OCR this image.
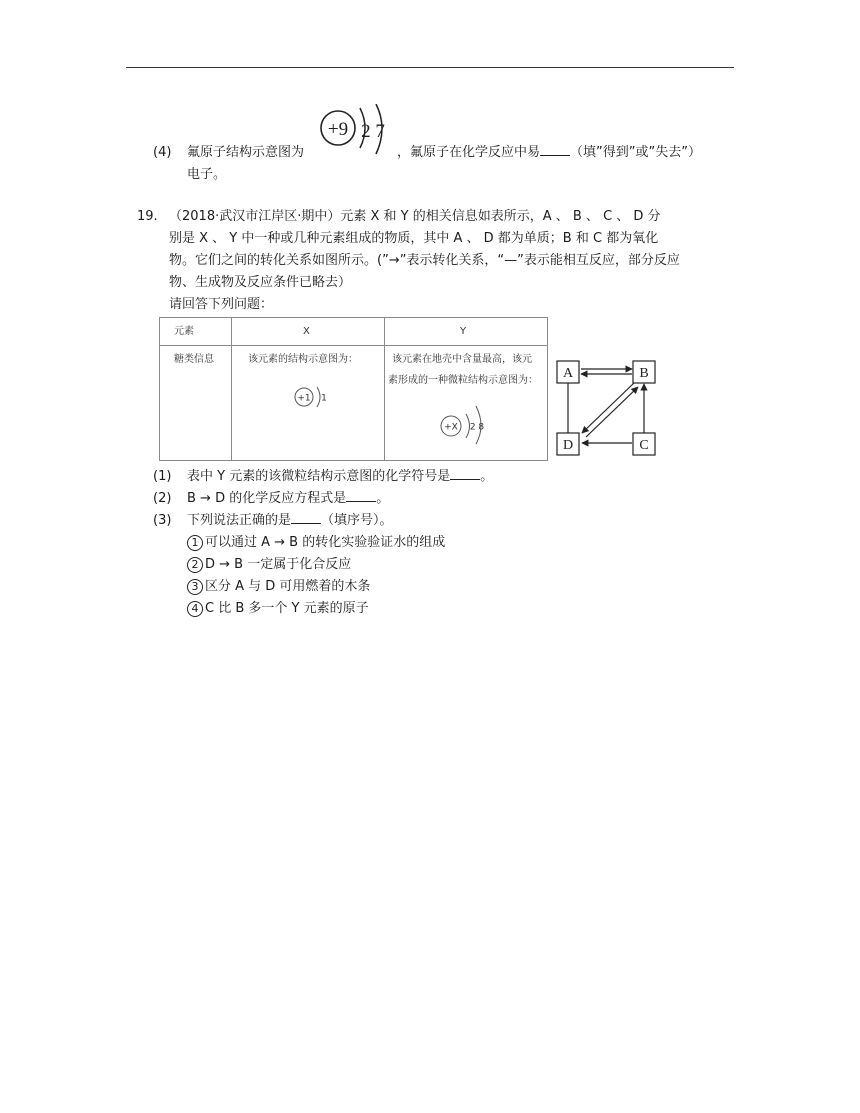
(4) 氟原子结构示意图为
+9 2 7
，氟原子在化学反应中易 （填”得到”或”失去”）
电子。
19. （2018·武汉市江岸区·期中）元素 X 和 Y 的相关信息如表所示，A 、 B 、 C 、 D 分
别是 X 、 Y 中一种或几种元素组成的物质，其中 A 、 D 都为单质；B 和 C 都为氧化
物。它们之间的转化关系如图所示。(”→”表示转化关系，“—”表示能相互反应，部分反应
物、生成物及反应条件已略去）
请回答下列问题：
元素	X	Y
糖类信息	该元素的结构示意图为：	该元素在地壳中含量最高，该元
素形成的一种微粒结构示意图为：
+1 1
+X 2 8
A	B
D	C
(1) 表中 Y 元素的该微粒结构示意图的化学符号是 。
(2) B → D 的化学反应方程式是 。
(3) 下列说法正确的是 （填序号）。
1 可以通过 A → B 的转化实验验证水的组成
2 D → B 一定属于化合反应
3 区分 A 与 D 可用燃着的木条
4 C 比 B 多一个 Y 元素的原子
